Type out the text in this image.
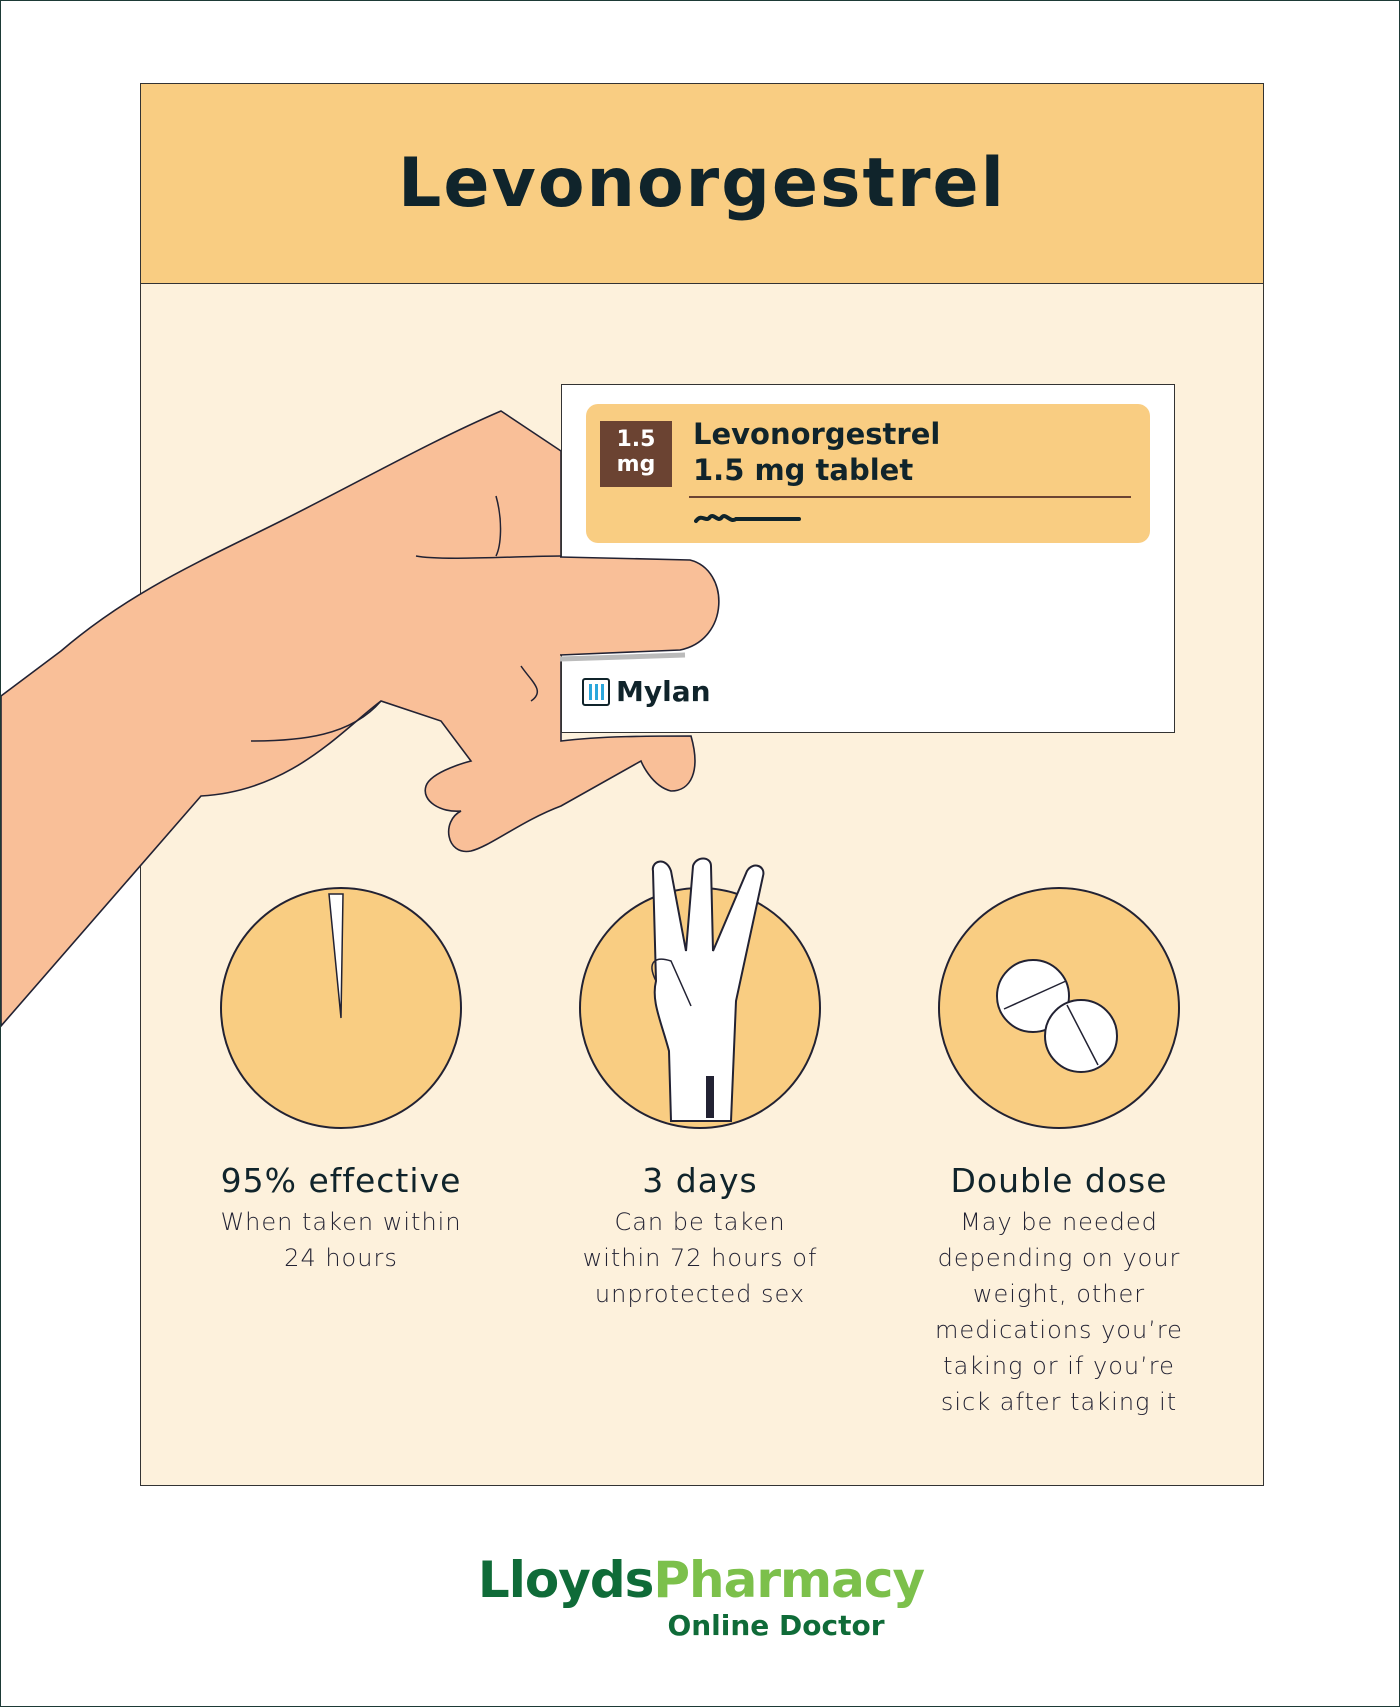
Levonorgestrel
1.5
mg
Levonorgestrel
1.5 mg tablet
Mylan
95% effective

When taken within

24 hours

3 days

Can be taken

within 72 hours of

unprotected sex

Double dose

May be needed

depending on your

weight, other

medications you’re

taking or if you’re

sick after taking it

LloydsPharmacy
Online Doctor
